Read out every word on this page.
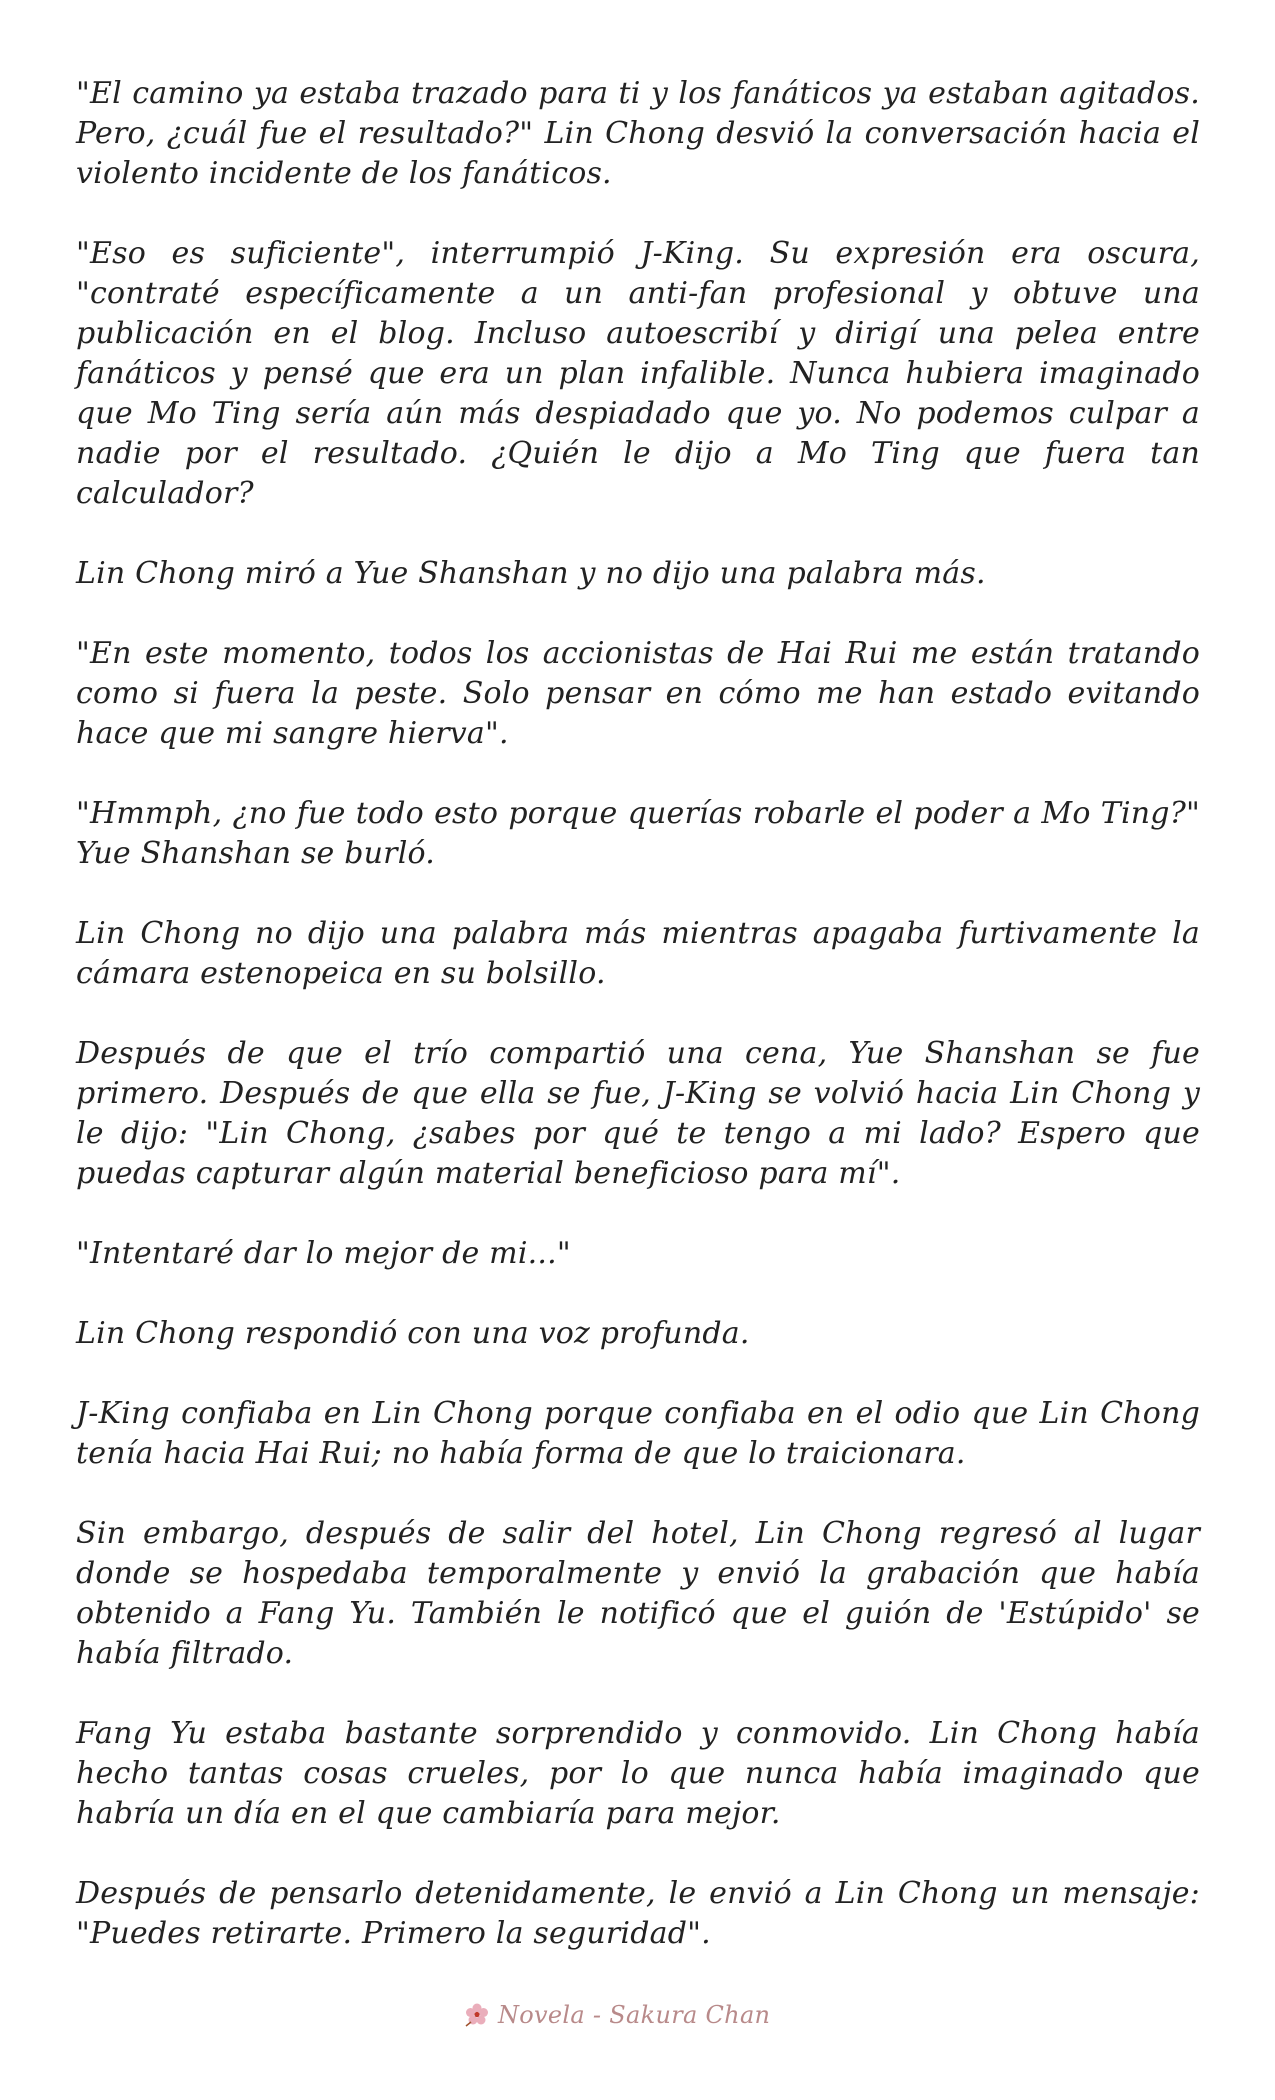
"El camino ya estaba trazado para ti y los fanáticos ya estaban agitados. Pero, ¿cuál fue el resultado?" Lin Chong desvió la conversación hacia el violento incidente de los fanáticos.

"Eso es suficiente", interrumpió J-King. Su expresión era oscura, "contraté específicamente a un anti-fan profesional y obtuve una publicación en el blog. Incluso autoescribí y dirigí una pelea entre fanáticos y pensé que era un plan infalible. Nunca hubiera imaginado que Mo Ting sería aún más despiadado que yo. No podemos culpar a nadie por el resultado. ¿Quién le dijo a Mo Ting que fuera tan calculador?

Lin Chong miró a Yue Shanshan y no dijo una palabra más.

"En este momento, todos los accionistas de Hai Rui me están tratando como si fuera la peste. Solo pensar en cómo me han estado evitando hace que mi sangre hierva".

"Hmmph, ¿no fue todo esto porque querías robarle el poder a Mo Ting?" Yue Shanshan se burló.

Lin Chong no dijo una palabra más mientras apagaba furtivamente la cámara estenopeica en su bolsillo.

Después de que el trío compartió una cena, Yue Shanshan se fue primero. Después de que ella se fue, J-King se volvió hacia Lin Chong y le dijo: "Lin Chong, ¿sabes por qué te tengo a mi lado? Espero que puedas capturar algún material beneficioso para mí".

"Intentaré dar lo mejor de mi..."

Lin Chong respondió con una voz profunda.

J-King confiaba en Lin Chong porque confiaba en el odio que Lin Chong tenía hacia Hai Rui; no había forma de que lo traicionara.

Sin embargo, después de salir del hotel, Lin Chong regresó al lugar donde se hospedaba temporalmente y envió la grabación que había obtenido a Fang Yu. También le notificó que el guión de 'Estúpido' se había filtrado.

Fang Yu estaba bastante sorprendido y conmovido. Lin Chong había hecho tantas cosas crueles, por lo que nunca había imaginado que habría un día en el que cambiaría para mejor.

Después de pensarlo detenidamente, le envió a Lin Chong un mensaje: "Puedes retirarte. Primero la seguridad".

Novela - Sakura Chan
